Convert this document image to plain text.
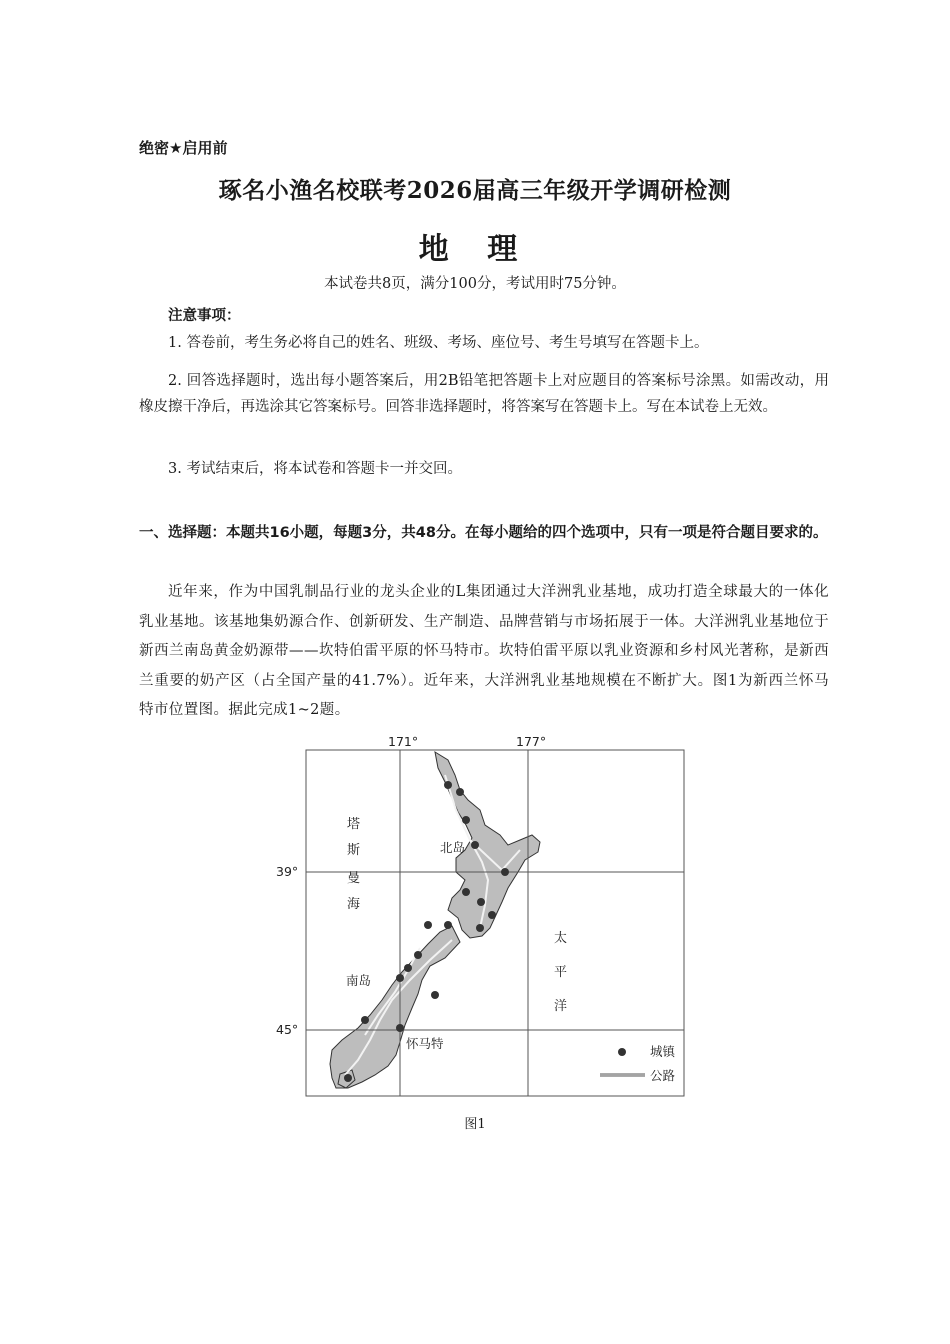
绝密★启用前
琢名小渔名校联考2026届高三年级开学调研检测
地 理
本试卷共8页，满分100分，考试用时75分钟。
注意事项：
1. 答卷前，考生务必将自己的姓名、班级、考场、座位号、考生号填写在答题卡上。
2. 回答选择题时，选出每小题答案后，用2B铅笔把答题卡上对应题目的答案标号涂黑。如需改动，用橡皮擦干净后，再选涂其它答案标号。回答非选择题时，将答案写在答题卡上。写在本试卷上无效。
3. 考试结束后，将本试卷和答题卡一并交回。
一、选择题：本题共16小题，每题3分，共48分。在每小题给的四个选项中，只有一项是符合题目要求的。
近年来，作为中国乳制品行业的龙头企业的L集团通过大洋洲乳业基地，成功打造全球最大的一体化乳业基地。该基地集奶源合作、创新研发、生产制造、品牌营销与市场拓展于一体。大洋洲乳业基地位于新西兰南岛黄金奶源带——坎特伯雷平原的怀马特市。坎特伯雷平原以乳业资源和乡村风光著称，是新西兰重要的奶产区（占全国产量的41.7%）。近年来，大洋洲乳业基地规模在不断扩大。图1为新西兰怀马特市位置图。据此完成1~2题。
171°	177°
39°
45°
塔
斯
曼
海
太
平
洋
北岛
南岛
怀马特
城镇
公路
图1
